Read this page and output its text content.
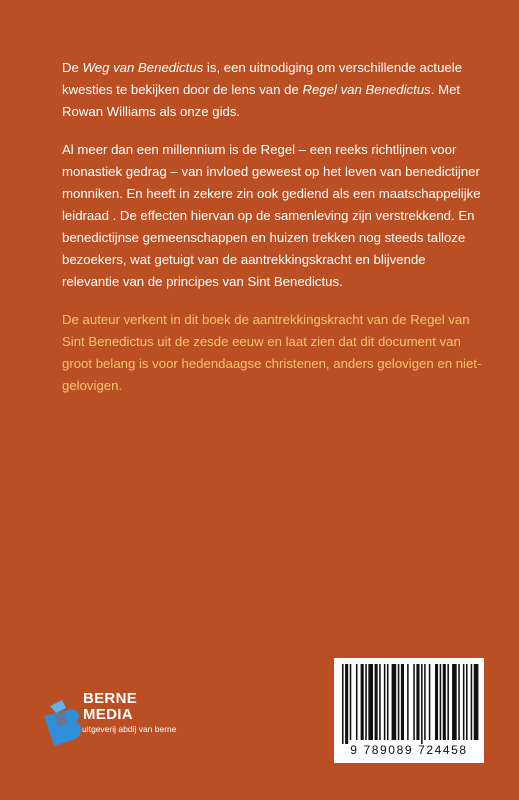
De Weg van Benedictus is, een uitnodiging om verschillende actuele kwesties te bekijken door de lens van de Regel van Benedictus. Met Rowan Williams als onze gids.

Al meer dan een millennium is de Regel – een reeks richtlijnen voor monastiek gedrag – van invloed geweest op het leven van benedictijner monniken. En heeft in zekere zin ook gediend als een maatschappelijke leidraad . De effecten hiervan op de samenleving zijn verstrekkend. En benedictijnse gemeenschappen en huizen trekken nog steeds talloze bezoekers, wat getuigt van de aantrekkingskracht en blijvende relevantie van de principes van Sint Benedictus.

De auteur verkent in dit boek de aantrekkingskracht van de Regel van Sint Benedictus uit de zesde eeuw en laat zien dat dit document van groot belang is voor hedendaagse christenen, anders gelovigen en niet-gelovigen.

BERNE
MEDIA
uitgeverij abdij van berne
9 789089 724458
